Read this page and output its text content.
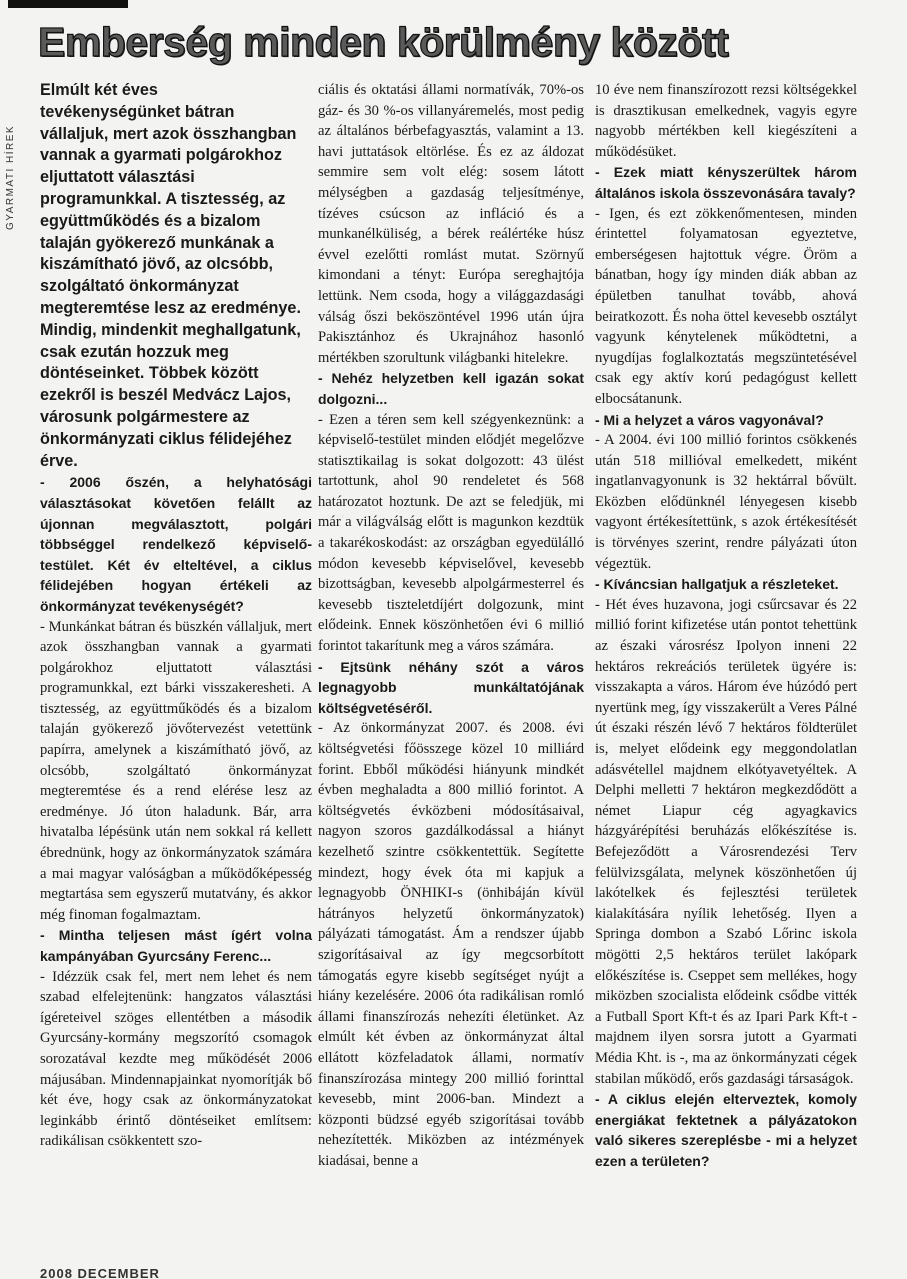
Emberség minden körülmény között
GYARMATI HÍREK

Elmúlt két éves tevékenységünket bátran vállaljuk, mert azok összhangban vannak a gyarmati polgárokhoz eljuttatott választási programunkkal. A tisztesség, az együttműködés és a bizalom talaján gyökerező munkának a kiszámítható jövő, az olcsóbb, szolgáltató önkormányzat megteremtése lesz az eredménye. Mindig, mindenkit meghallgatunk, csak ezután hozzuk meg döntéseinket. Többek között ezekről is beszél Medvácz Lajos, városunk polgármestere az önkormányzati ciklus félidejéhez érve.

- 2006 őszén, a helyhatósági választásokat követően felállt az újonnan megválasztott, polgári többséggel rendelkező képviselő-testület. Két év elteltével, a ciklus félidejében hogyan értékeli az önkormányzat tevékenységét?

- Munkánkat bátran és büszkén vállaljuk, mert azok összhangban vannak a gyarmati polgárokhoz eljuttatott választási programunkkal, ezt bárki visszakeresheti. A tisztesség, az együttműködés és a bizalom talaján gyökerező jövőtervezést vetettünk papírra, amelynek a kiszámítható jövő, az olcsóbb, szolgáltató önkormányzat megteremtése és a rend elérése lesz az eredménye. Jó úton haladunk. Bár, arra hivatalba lépésünk után nem sokkal rá kellett ébrednünk, hogy az önkormányzatok számára a mai magyar valóságban a működőképesség megtartása sem egyszerű mutatvány, és akkor még finoman fogalmaztam.

- Mintha teljesen mást ígért volna kampányában Gyurcsány Ferenc...

- Idézzük csak fel, mert nem lehet és nem szabad elfelejtenünk: hangzatos választási ígéreteivel szöges ellentétben a második Gyurcsány-kormány megszorító csomagok sorozatával kezdte meg működését 2006 májusában. Mindennapjainkat nyomorítják bő két éve, hogy csak az önkormányzatokat leginkább érintő döntéseiket említsem: radikálisan csökkentett szo-

ciális és oktatási állami normatívák, 70%-os gáz- és 30 %-os villanyáremelés, most pedig az általános bérbefagyasztás, valamint a 13. havi juttatások eltörlése. És ez az áldozat semmire sem volt elég: sosem látott mélységben a gazdaság teljesítménye, tízéves csúcson az infláció és a munkanélküliség, a bérek reálértéke húsz évvel ezelőtti romlást mutat. Szörnyű kimondani a tényt: Európa sereghajtója lettünk. Nem csoda, hogy a világgazdasági válság őszi beköszöntével 1996 után újra Pakisztánhoz és Ukrajnához hasonló mértékben szorultunk világbanki hitelekre.

- Nehéz helyzetben kell igazán sokat dolgozni...

- Ezen a téren sem kell szégyenkeznünk: a képviselő-testület minden elődjét megelőzve statisztikailag is sokat dolgozott: 43 ülést tartottunk, ahol 90 rendeletet és 568 határozatot hoztunk. De azt se feledjük, mi már a világválság előtt is magunkon kezdtük a takarékoskodást: az országban egyedülálló módon kevesebb képviselővel, kevesebb bizottságban, kevesebb alpolgármesterrel és kevesebb tiszteletdíjért dolgozunk, mint elődeink. Ennek köszönhetően évi 6 millió forintot takarítunk meg a város számára.

- Ejtsünk néhány szót a város legnagyobb munkáltatójának költségvetéséről.

- Az önkormányzat 2007. és 2008. évi költségvetési főösszege közel 10 milliárd forint. Ebből működési hiányunk mindkét évben meghaladta a 800 millió forintot. A költségvetés évközbeni módosításaival, nagyon szoros gazdálkodással a hiányt kezelhető szintre csökkentettük. Segítette mindezt, hogy évek óta mi kapjuk a legnagyobb ÖNHIKI-s (önhibáján kívül hátrányos helyzetű önkormányzatok) pályázati támogatást. Ám a rendszer újabb szigorításaival az így megcsorbított támogatás egyre kisebb segítséget nyújt a hiány kezelésére. 2006 óta radikálisan romló állami finanszírozás nehezíti életünket. Az elmúlt két évben az önkormányzat által ellátott közfeladatok állami, normatív finanszírozása mintegy 200 millió forinttal kevesebb, mint 2006-ban. Mindezt a központi büdzsé egyéb szigorításai tovább nehezítették. Miközben az intézmények kiadásai, benne a

10 éve nem finanszírozott rezsi költségekkel is drasztikusan emelkednek, vagyis egyre nagyobb mértékben kell kiegészíteni a működésüket.

- Ezek miatt kényszerültek három általános iskola összevonására tavaly?

- Igen, és ezt zökkenőmentesen, minden érintettel folyamatosan egyeztetve, emberségesen hajtottuk végre. Öröm a bánatban, hogy így minden diák abban az épületben tanulhat tovább, ahová beiratkozott. És noha öttel kevesebb osztályt vagyunk kénytelenek működtetni, a nyugdíjas foglalkoztatás megszüntetésével csak egy aktív korú pedagógust kellett elbocsátanunk.

- Mi a helyzet a város vagyonával?

- A 2004. évi 100 millió forintos csökkenés után 518 millióval emelkedett, miként ingatlanvagyonunk is 32 hektárral bővült. Eközben elődünknél lényegesen kisebb vagyont értékesítettünk, s azok értékesítését is törvényes szerint, rendre pályázati úton végeztük.

- Kíváncsian hallgatjuk a részleteket.

- Hét éves huzavona, jogi csűrcsavar és 22 millió forint kifizetése után pontot tehettünk az északi városrész Ipolyon inneni 22 hektáros rekreációs területek ügyére is: visszakapta a város. Három éve húzódó pert nyertünk meg, így visszakerült a Veres Pálné út északi részén lévő 7 hektáros földterület is, melyet elődeink egy meggondolatlan adásvétellel majdnem elkótyavetyéltek. A Delphi melletti 7 hektáron megkezdődött a német Liapur cég agyagkavics házgyárépítési beruházás előkészítése is. Befejeződött a Városrendezési Terv felülvizsgálata, melynek köszönhetően új lakótelkek és fejlesztési területek kialakítására nyílik lehetőség. Ilyen a Springa dombon a Szabó Lőrinc iskola mögötti 2,5 hektáros terület lakópark előkészítése is. Cseppet sem mellékes, hogy miközben szocialista elődeink csődbe vitték a Futball Sport Kft-t és az Ipari Park Kft-t - majdnem ilyen sorsra jutott a Gyarmati Média Kht. is -, ma az önkormányzati cégek stabilan működő, erős gazdasági társaságok.

- A ciklus elején elterveztek, komoly energiákat fektetnek a pályázatokon való sikeres szereplésbe - mi a helyzet ezen a területen?

2008 DECEMBER
